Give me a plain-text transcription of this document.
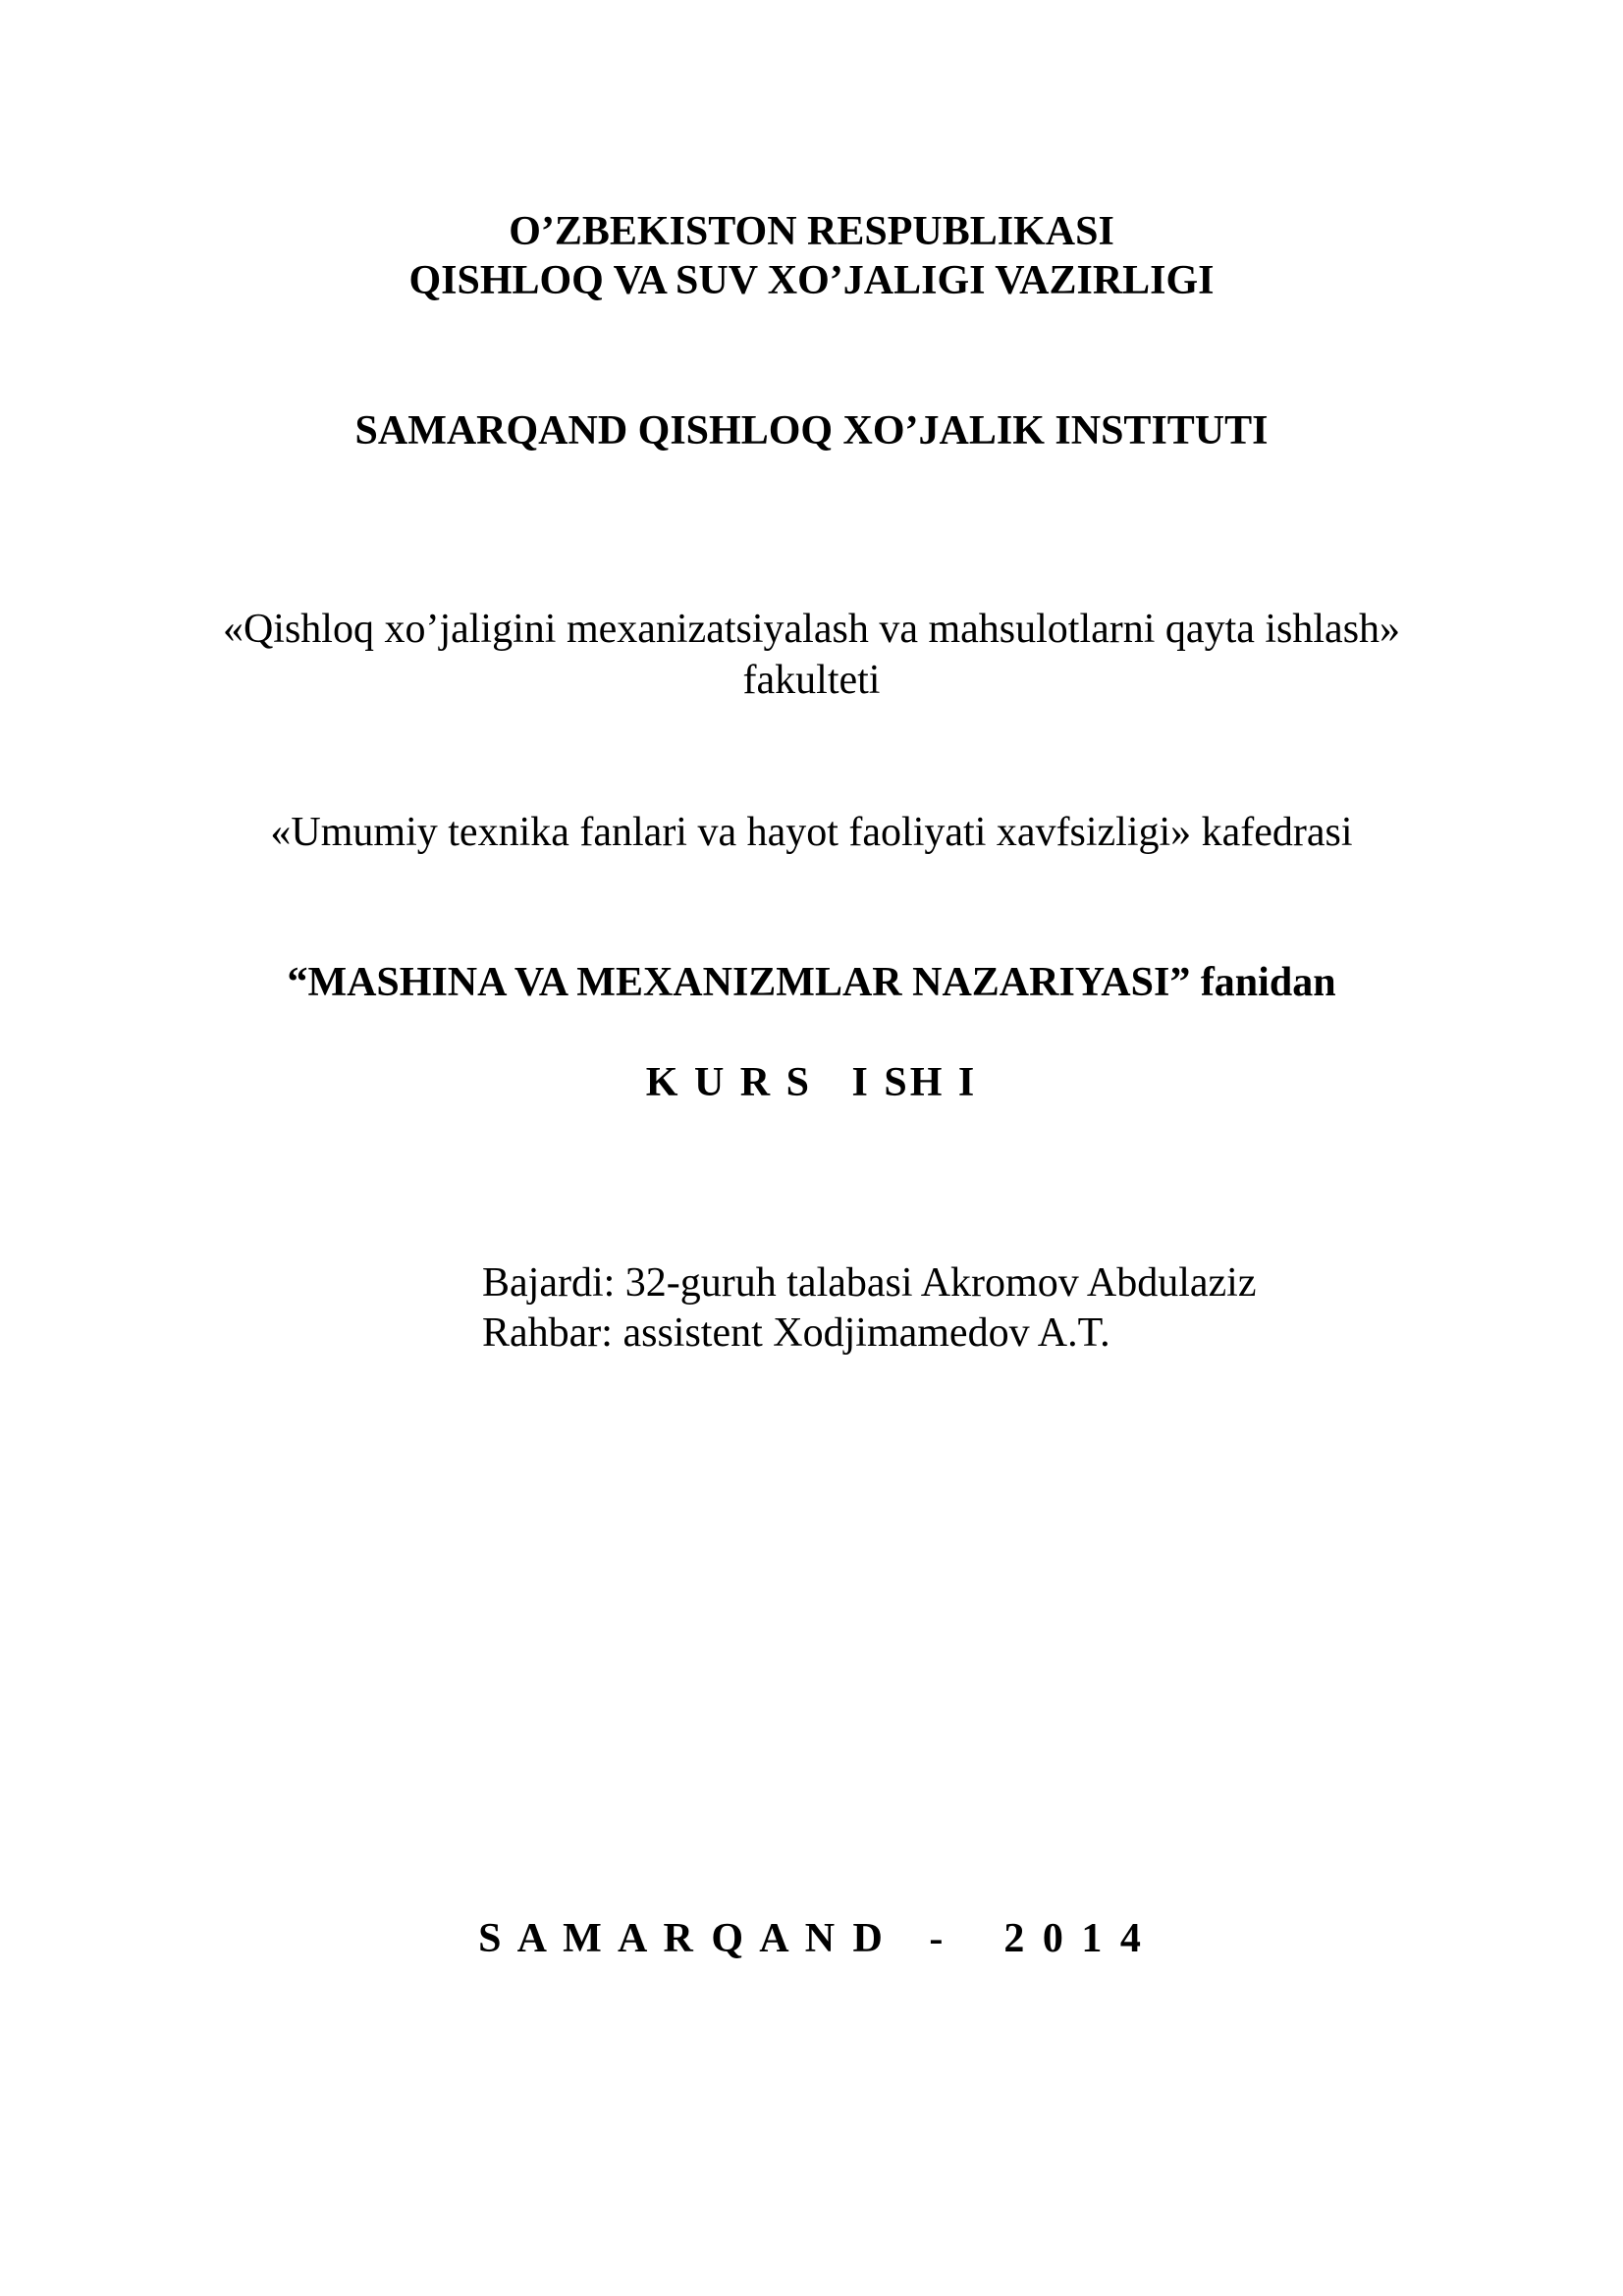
O’ZBEKISTON RESPUBLIKASI
QISHLOQ VA SUV XO’JALIGI VAZIRLIGI
SAMARQAND QISHLOQ XO’JALIK INSTITUTI
«Qishloq xo’jaligini mexanizatsiyalash va mahsulotlarni qayta ishlash»
fakulteti
«Umumiy texnika fanlari va hayot faoliyati xavfsizligi» kafedrasi
“MASHINA VA MEXANIZMLAR NAZARIYASI” fanidan
K U R S   I SH I
Bajardi: 32-guruh talabasi Akromov Abdulaziz
Rahbar: assistent Xodjimamedov A.T.
S A M A R Q A N D   -    2 0 1 4
